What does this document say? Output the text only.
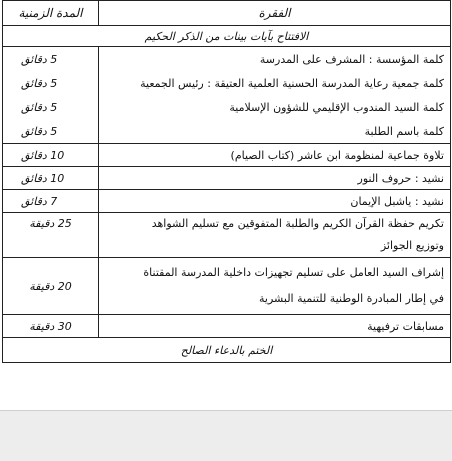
الفقرة	المدة الزمنية
الافتتاح بآيات بينات من الذكر الحكيم	
كلمة المؤسسة : المشرف على المدرسة	5 دقائق
كلمة جمعية رعاية المدرسة الحسنية العلمية العتيقة : رئيس الجمعية	5 دقائق
كلمة السيد المندوب الإقليمي للشؤون الإسلامية	5 دقائق
كلمة باسم الطلبة	5 دقائق
تلاوة جماعية لمنظومة ابن عاشر (كتاب الصيام)	10 دقائق
نشيد : حروف النور	10 دقائق
نشيد : ياشبل الإيمان	7 دقائق

تكريم حفظة القرآن الكريم والطلبة المتفوقين مع تسليم الشواهد
وتوزيع الجوائز	25 دقيقة

إشراف السيد العامل على تسليم تجهيزات داخلية المدرسة المقتناة
في إطار المبادرة الوطنية للتنمية البشرية	20 دقيقة
مسابقات ترفيهية	30 دقيقة
الختم بالدعاء الصالح	
